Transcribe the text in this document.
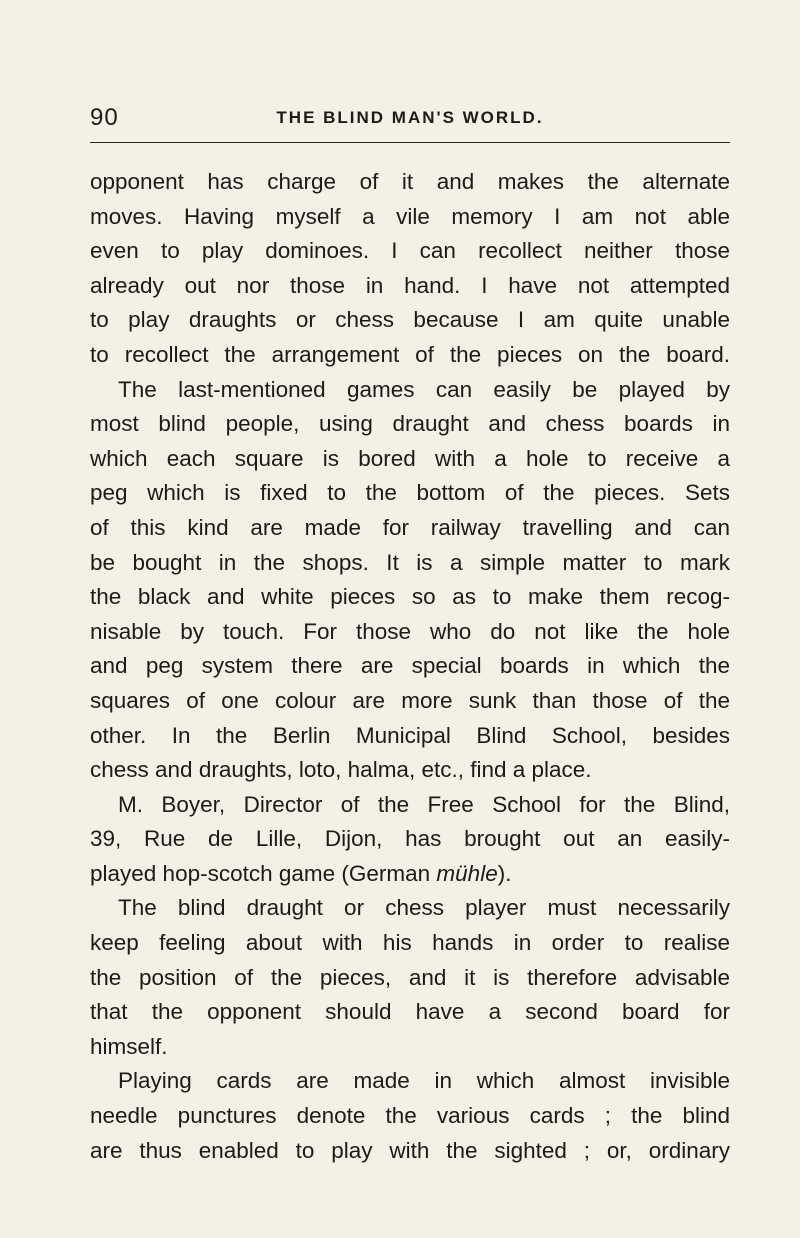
90	THE BLIND MAN'S WORLD.
opponent has charge of it and makes the alternate
moves. Having myself a vile memory I am not able
even to play dominoes. I can recollect neither those
already out nor those in hand. I have not attempted
to play draughts or chess because I am quite unable
to recollect the arrangement of the pieces on the board.
The last-mentioned games can easily be played by
most blind people, using draught and chess boards in
which each square is bored with a hole to receive a
peg which is fixed to the bottom of the pieces. Sets
of this kind are made for railway travelling and can
be bought in the shops. It is a simple matter to mark
the black and white pieces so as to make them recog-
nisable by touch. For those who do not like the hole
and peg system there are special boards in which the
squares of one colour are more sunk than those of the
other. In the Berlin Municipal Blind School, besides
chess and draughts, loto, halma, etc., find a place.
M. Boyer, Director of the Free School for the Blind,
39, Rue de Lille, Dijon, has brought out an easily-
played hop-scotch game (German mühle).
The blind draught or chess player must necessarily
keep feeling about with his hands in order to realise
the position of the pieces, and it is therefore advisable
that the opponent should have a second board for
himself.
Playing cards are made in which almost invisible
needle punctures denote the various cards ; the blind
are thus enabled to play with the sighted ; or, ordinary
